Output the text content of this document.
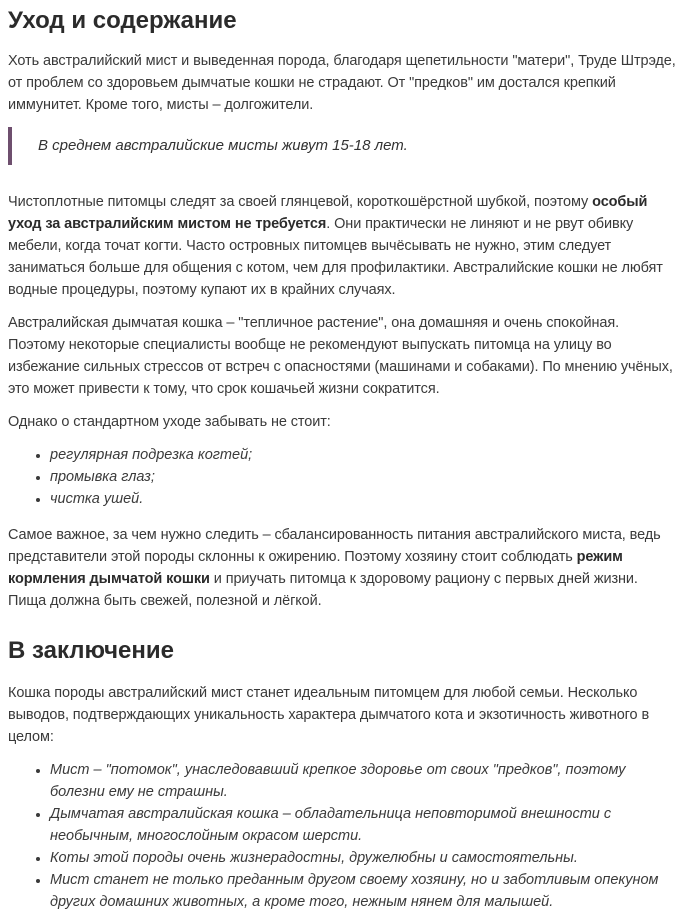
Уход и содержание

Хоть австралийский мист и выведенная порода, благодаря щепетильности "матери", Труде Штрэде, от проблем со здоровьем дымчатые кошки не страдают. От "предков" им достался крепкий иммунитет. Кроме того, мисты – долгожители.

В среднем австралийские мисты живут 15-18 лет.

Чистоплотные питомцы следят за своей глянцевой, короткошёрстной шубкой, поэтому особый уход за австралийским мистом не требуется. Они практически не линяют и не рвут обивку мебели, когда точат когти. Часто островных питомцев вычёсывать не нужно, этим следует заниматься больше для общения с котом, чем для профилактики. Австралийские кошки не любят водные процедуры, поэтому купают их в крайних случаях.

Австралийская дымчатая кошка – "тепличное растение", она домашняя и очень спокойная. Поэтому некоторые специалисты вообще не рекомендуют выпускать питомца на улицу во избежание сильных стрессов от встреч с опасностями (машинами и собаками). По мнению учёных, это может привести к тому, что срок кошачьей жизни сократится.

Однако о стандартном уходе забывать не стоит:

• регулярная подрезка когтей;
• промывка глаз;
• чистка ушей.

Самое важное, за чем нужно следить – сбалансированность питания австралийского миста, ведь представители этой породы склонны к ожирению. Поэтому хозяину стоит соблюдать режим кормления дымчатой кошки и приучать питомца к здоровому рациону с первых дней жизни. Пища должна быть свежей, полезной и лёгкой.

В заключение

Кошка породы австралийский мист станет идеальным питомцем для любой семьи. Несколько выводов, подтверждающих уникальность характера дымчатого кота и экзотичность животного в целом:

• Мист – "потомок", унаследовавший крепкое здоровье от своих "предков", поэтому болезни ему не страшны.
• Дымчатая австралийская кошка – обладательница неповторимой внешности с необычным, многослойным окрасом шерсти.
• Коты этой породы очень жизнерадостны, дружелюбны и самостоятельны.
• Мист станет не только преданным другом своему хозяину, но и заботливым опекуном других домашних животных, а кроме того, нежным нянем для малышей.
